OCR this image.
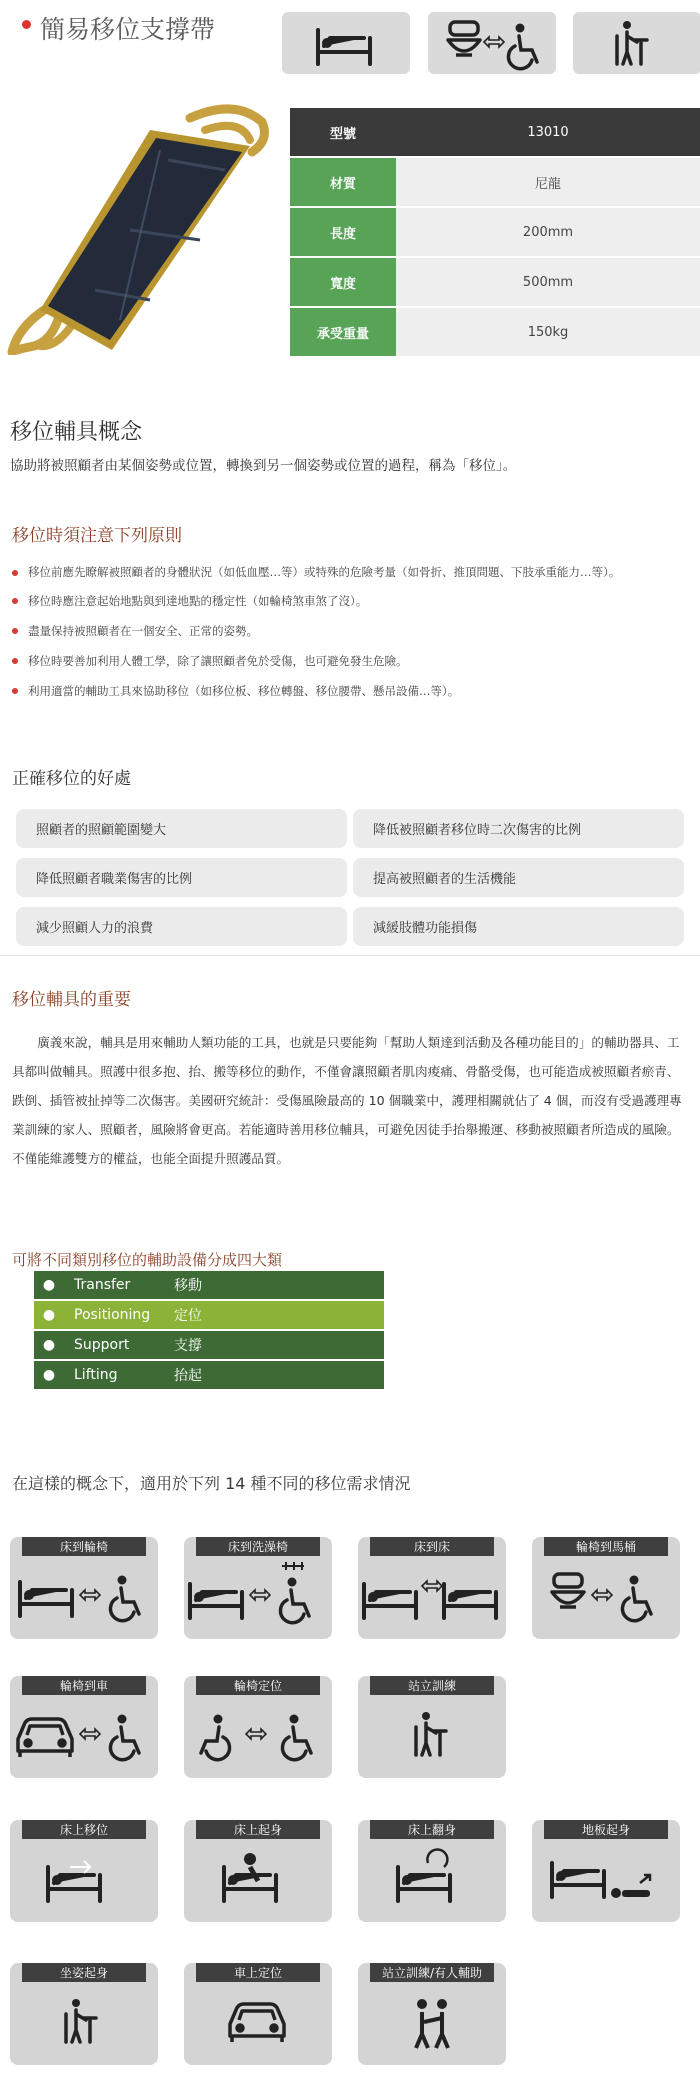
簡易移位支撐帶
型號	13010
材質	尼龍
長度	200mm
寬度	500mm
承受重量	150kg
移位輔具概念
協助將被照顧者由某個姿勢或位置，轉換到另一個姿勢或位置的過程，稱為「移位」。
移位時須注意下列原則
移位前應先瞭解被照顧者的身體狀況（如低血壓…等）或特殊的危險考量（如骨折、推頂問題、下肢承重能力…等）。
移位時應注意起始地點與到達地點的穩定性（如輪椅煞車煞了沒）。
盡量保持被照顧者在一個安全、正常的姿勢。
移位時要善加利用人體工學，除了讓照顧者免於受傷，也可避免發生危險。
利用適當的輔助工具來協助移位（如移位板、移位轉盤、移位腰帶、懸吊設備…等）。
正確移位的好處
照顧者的照顧範圍變大	降低被照顧者移位時二次傷害的比例
降低照顧者職業傷害的比例	提高被照顧者的生活機能
減少照顧人力的浪費	減緩肢體功能損傷
移位輔具的重要
廣義來說，輔具是用來輔助人類功能的工具，也就是只要能夠「幫助人類達到活動及各種功能目的」的輔助器具、工具都叫做輔具。照護中很多抱、抬、搬等移位的動作，不僅會讓照顧者肌肉痠痛、骨骼受傷，也可能造成被照顧者瘀青、跌倒、插管被扯掉等二次傷害。美國研究統計：受傷風險最高的 10 個職業中，護理相關就佔了 4 個，而沒有受過護理專業訓練的家人、照顧者，風險將會更高。若能適時善用移位輔具，可避免因徒手抬舉搬運、移動被照顧者所造成的風險。不僅能維護雙方的權益，也能全面提升照護品質。
可將不同類別移位的輔助設備分成四大類
●	Transfer	移動
●	Positioning	定位
●	Support	支撐
●	Lifting	抬起
在這樣的概念下，適用於下列 14 種不同的移位需求情況
床到輪椅	床到洗澡椅	床到床	輪椅到馬桶
輪椅到車	輪椅定位	站立訓練
床上移位	床上起身	床上翻身	地板起身
坐姿起身	車上定位	站立訓練/有人輔助
